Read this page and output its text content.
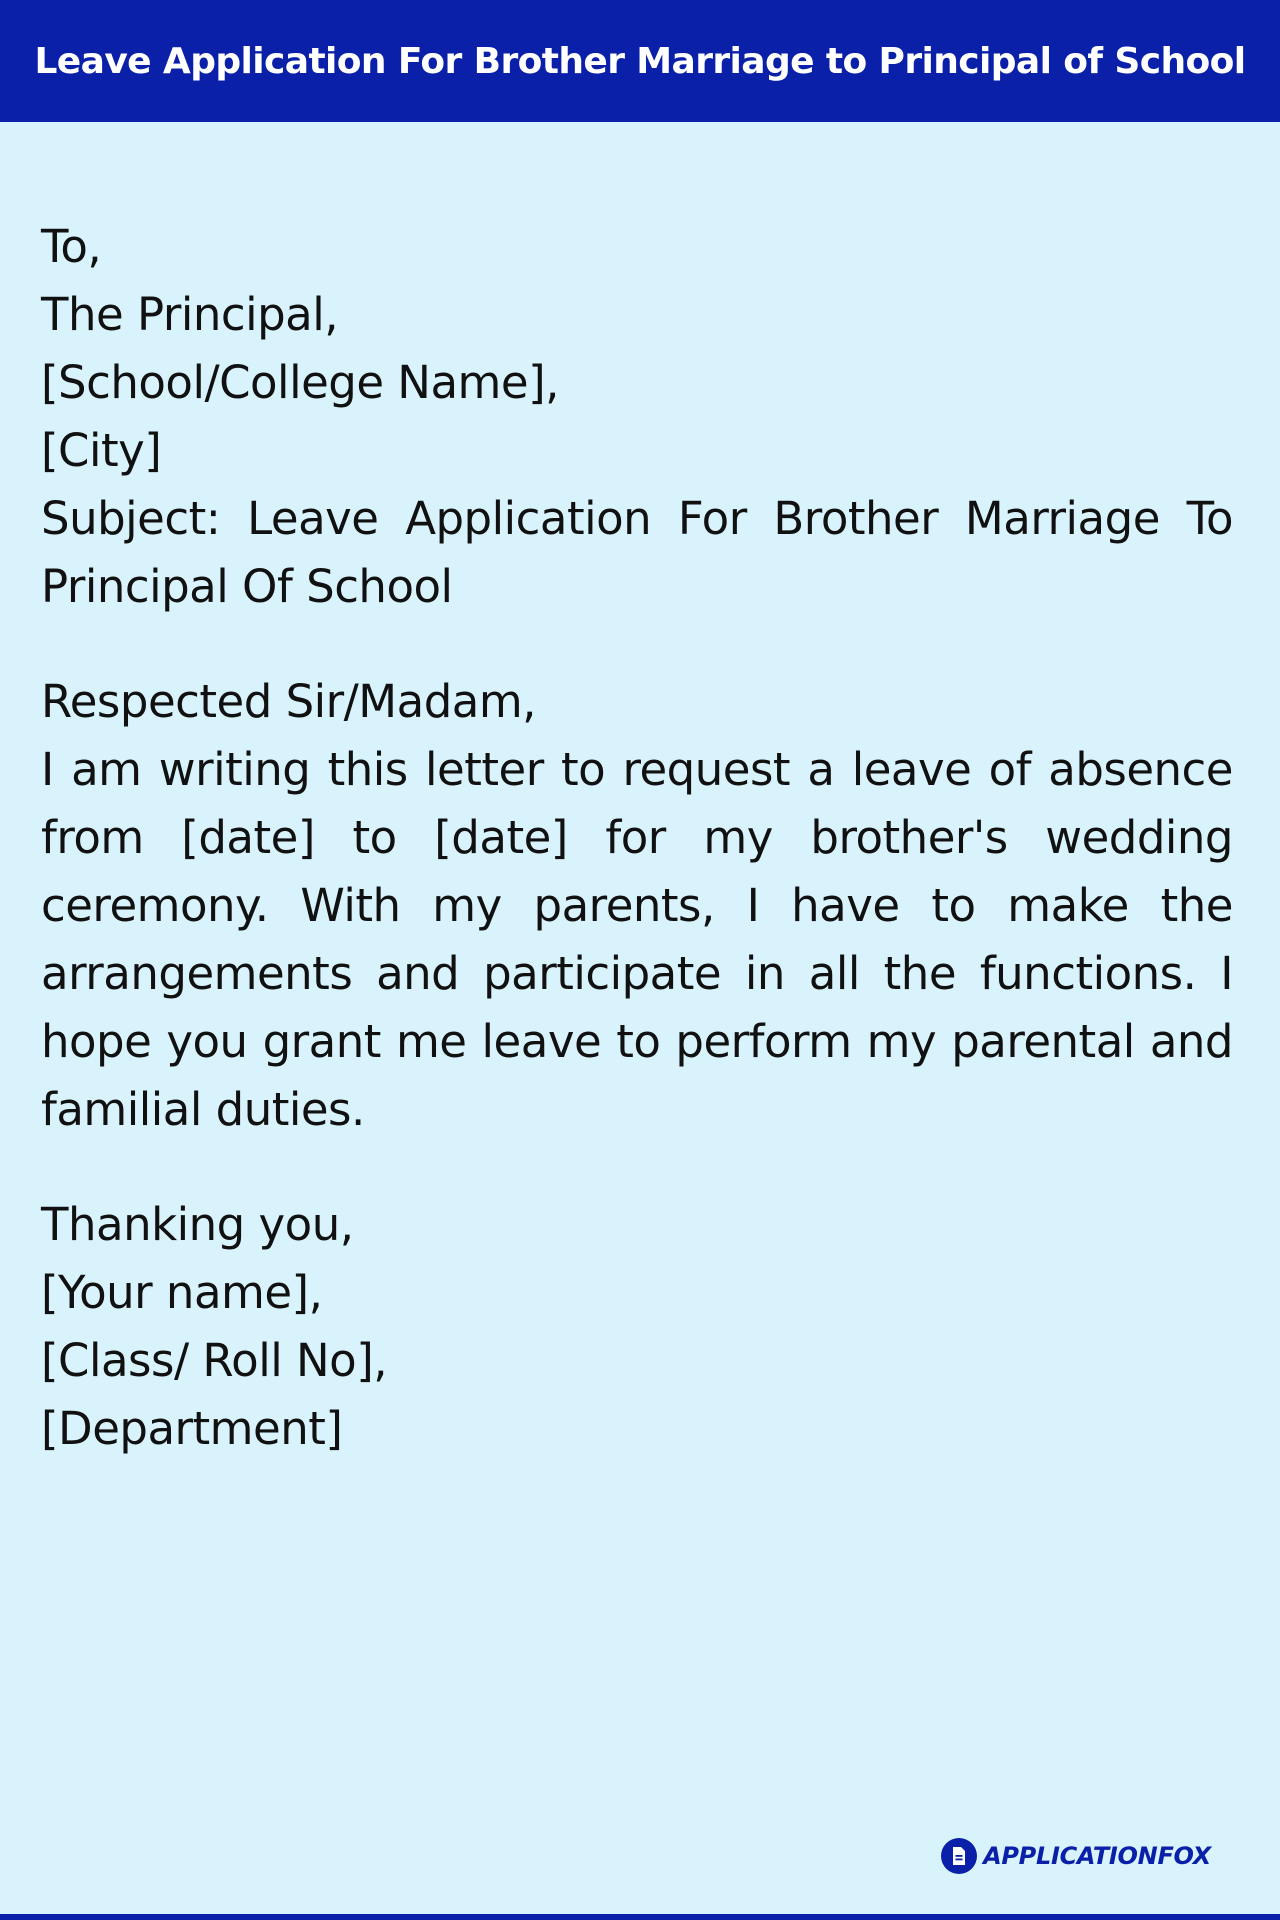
Leave Application For Brother Marriage to Principal of School
To,
The Principal,
[School/College Name],
[City]
Subject: Leave Application For Brother Marriage To Principal Of School
Respected Sir/Madam,
I am writing this letter to request a leave of absence from [date] to [date] for my brother's wedding ceremony. With my parents, I have to make the arrangements and participate in all the functions. I hope you grant me leave to perform my parental and familial duties.
Thanking you,
[Your name],
[Class/ Roll No],
[Department]
APPLICATIONFOX
